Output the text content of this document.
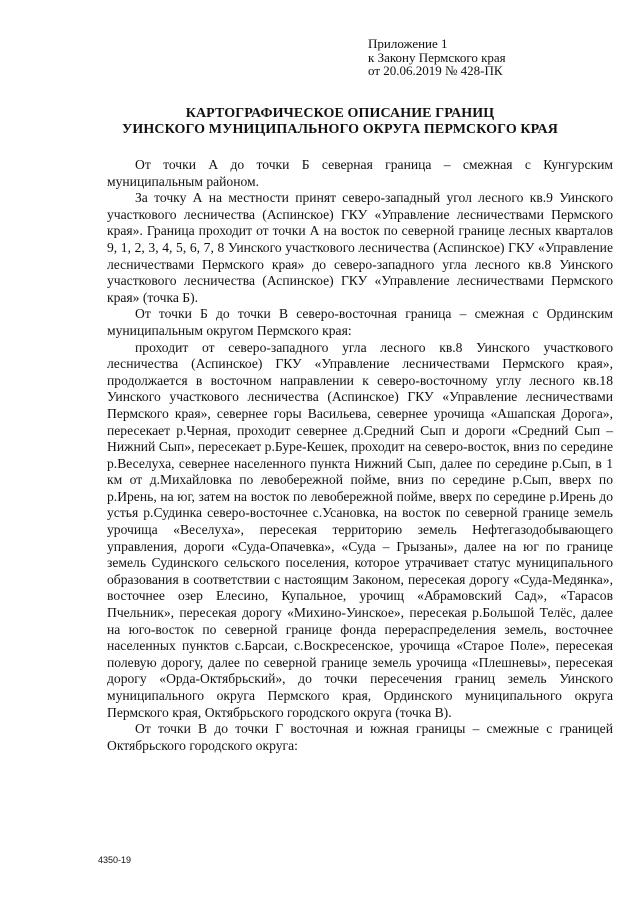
Приложение 1
к Закону Пермского края
от 20.06.2019 № 428-ПК
КАРТОГРАФИЧЕСКОЕ ОПИСАНИЕ ГРАНИЦ
УИНСКОГО МУНИЦИПАЛЬНОГО ОКРУГА ПЕРМСКОГО КРАЯ

От точки А до точки Б северная граница – смежная с Кунгурским муниципальным районом.

За точку А на местности принят северо-западный угол лесного кв.9 Уинского участкового лесничества (Аспинское) ГКУ «Управление лесничествами Пермского края». Граница проходит от точки А на восток по северной границе лесных кварталов 9, 1, 2, 3, 4, 5, 6, 7, 8 Уинского участкового лесничества (Аспинское) ГКУ «Управление лесничествами Пермского края» до северо-западного угла лесного кв.8 Уинского участкового лесничества (Аспинское) ГКУ «Управление лесничествами Пермского края» (точка Б).

От точки Б до точки В северо-восточная граница – смежная с Ординским муниципальным округом Пермского края:

проходит от северо-западного угла лесного кв.8 Уинского участкового лесничества (Аспинское) ГКУ «Управление лесничествами Пермского края», продолжается в восточном направлении к северо-восточному углу лесного кв.18 Уинского участкового лесничества (Аспинское) ГКУ «Управление лесничествами Пермского края», севернее горы Васильева, севернее урочища «Ашапская Дорога», пересекает р.Черная, проходит севернее д.Средний Сып и дороги «Средний Сып – Нижний Сып», пересекает р.Буре-Кешек, проходит на северо-восток, вниз по середине р.Веселуха, севернее населенного пункта Нижний Сып, далее по середине р.Сып, в 1 км от д.Михайловка по левобережной пойме, вниз по середине р.Сып, вверх по р.Ирень, на юг, затем на восток по левобережной пойме, вверх по середине р.Ирень до устья р.Судинка северо-восточнее с.Усановка, на восток по северной границе земель урочища «Веселуха», пересекая территорию земель Нефтегазодобывающего управления, дороги «Суда-Опачевка», «Суда – Грызаны», далее на юг по границе земель Судинского сельского поселения, которое утрачивает статус муниципального образования в соответствии с настоящим Законом, пересекая дорогу «Суда-Медянка», восточнее озер Елесино, Купальное, урочищ «Абрамовский Сад», «Тарасов Пчельник», пересекая дорогу «Михино-Уинское», пересекая р.Большой Телёс, далее на юго-восток по северной границе фонда перераспределения земель, восточнее населенных пунктов с.Барсаи, с.Воскресенское, урочища «Старое Поле», пересекая полевую дорогу, далее по северной границе земель урочища «Плешневы», пересекая дорогу «Орда-Октябрьский», до точки пересечения границ земель Уинского муниципального округа Пермского края, Ординского муниципального округа Пермского края, Октябрьского городского округа (точка В).

От точки В до точки Г восточная и южная границы – смежные с границей Октябрьского городского округа:

4350-19
